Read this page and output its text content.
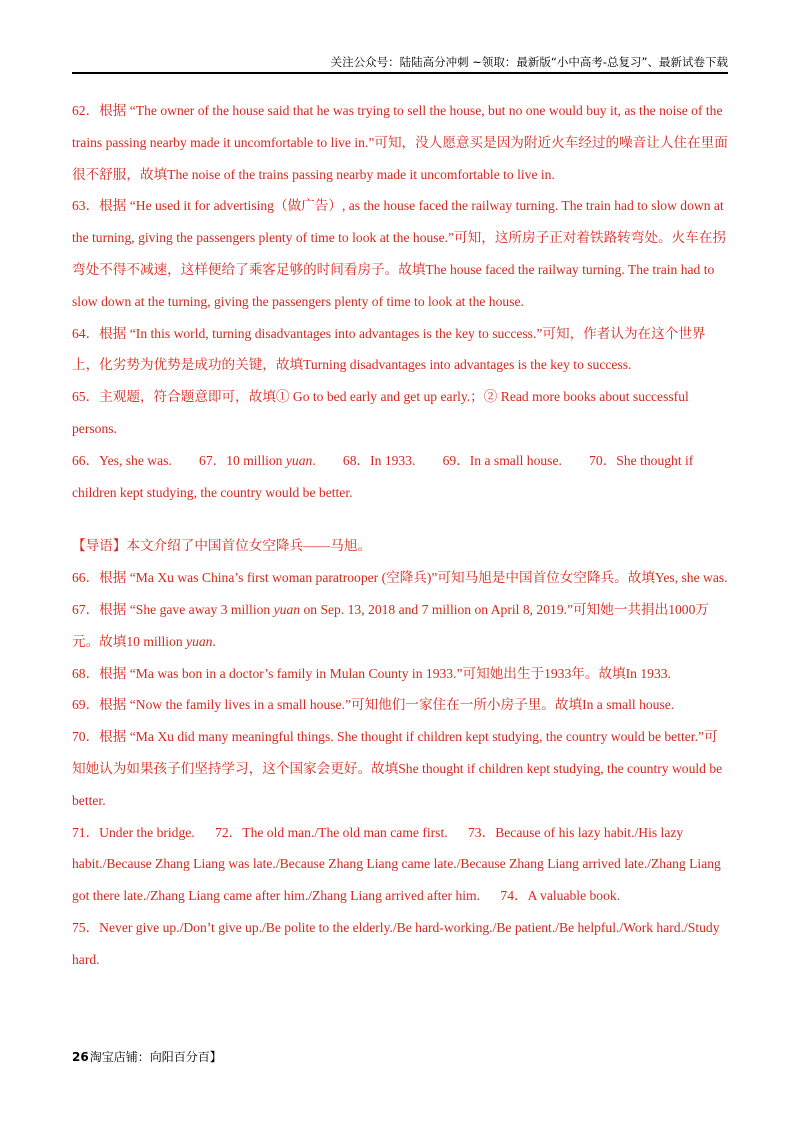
关注公众号：陆陆高分冲刺 ~领取：最新版“小中高考-总复习”、最新试卷下载

62．根据 “The owner of the house said that he was trying to sell the house, but no one would buy it, as the noise of the trains passing nearby made it uncomfortable to live in.”可知，没人愿意买是因为附近火车经过的噪音让人住在里面很不舒服，故填The noise of the trains passing nearby made it uncomfortable to live in.

63．根据 “He used it for advertising（做广告）, as the house faced the railway turning. The train had to slow down at the turning, giving the passengers plenty of time to look at the house.”可知，这所房子正对着铁路转弯处。火车在拐弯处不得不减速，这样便给了乘客足够的时间看房子。故填The house faced the railway turning. The train had to slow down at the turning, giving the passengers plenty of time to look at the house.

64．根据 “In this world, turning disadvantages into advantages is the key to success.”可知，作者认为在这个世界上，化劣势为优势是成功的关键，故填Turning disadvantages into advantages is the key to success.

65．主观题，符合题意即可，故填① Go to bed early and get up early.；② Read more books about successful persons.

66．Yes, she was. 67．10 million yuan. 68．In 1933. 69．In a small house. 70．She thought if children kept studying, the country would be better.

【导语】本文介绍了中国首位女空降兵——马旭。

66．根据 “Ma Xu was China’s first woman paratrooper (空降兵)”可知马旭是中国首位女空降兵。故填Yes, she was.

67．根据 “She gave away 3 million yuan on Sep. 13, 2018 and 7 million on April 8, 2019.”可知她一共捐出1000万元。故填10 million yuan.

68．根据 “Ma was bon in a doctor’s family in Mulan County in 1933.”可知她出生于1933年。故填In 1933.

69．根据 “Now the family lives in a small house.”可知他们一家住在一所小房子里。故填In a small house.

70．根据 “Ma Xu did many meaningful things. She thought if children kept studying, the country would be better.”可知她认为如果孩子们坚持学习，这个国家会更好。故填She thought if children kept studying, the country would be better.

71．Under the bridge.      72．The old man./The old man came first.      73．Because of his lazy habit./His lazy habit./Because Zhang Liang was late./Because Zhang Liang came late./Because Zhang Liang arrived late./Zhang Liang got there late./Zhang Liang came after him./Zhang Liang arrived after him.      74．A valuable book.

75．Never give up./Don’t give up./Be polite to the elderly./Be hard-working./Be patient./Be helpful./Work hard./Study hard.

26淘宝店铺：向阳百分百】
